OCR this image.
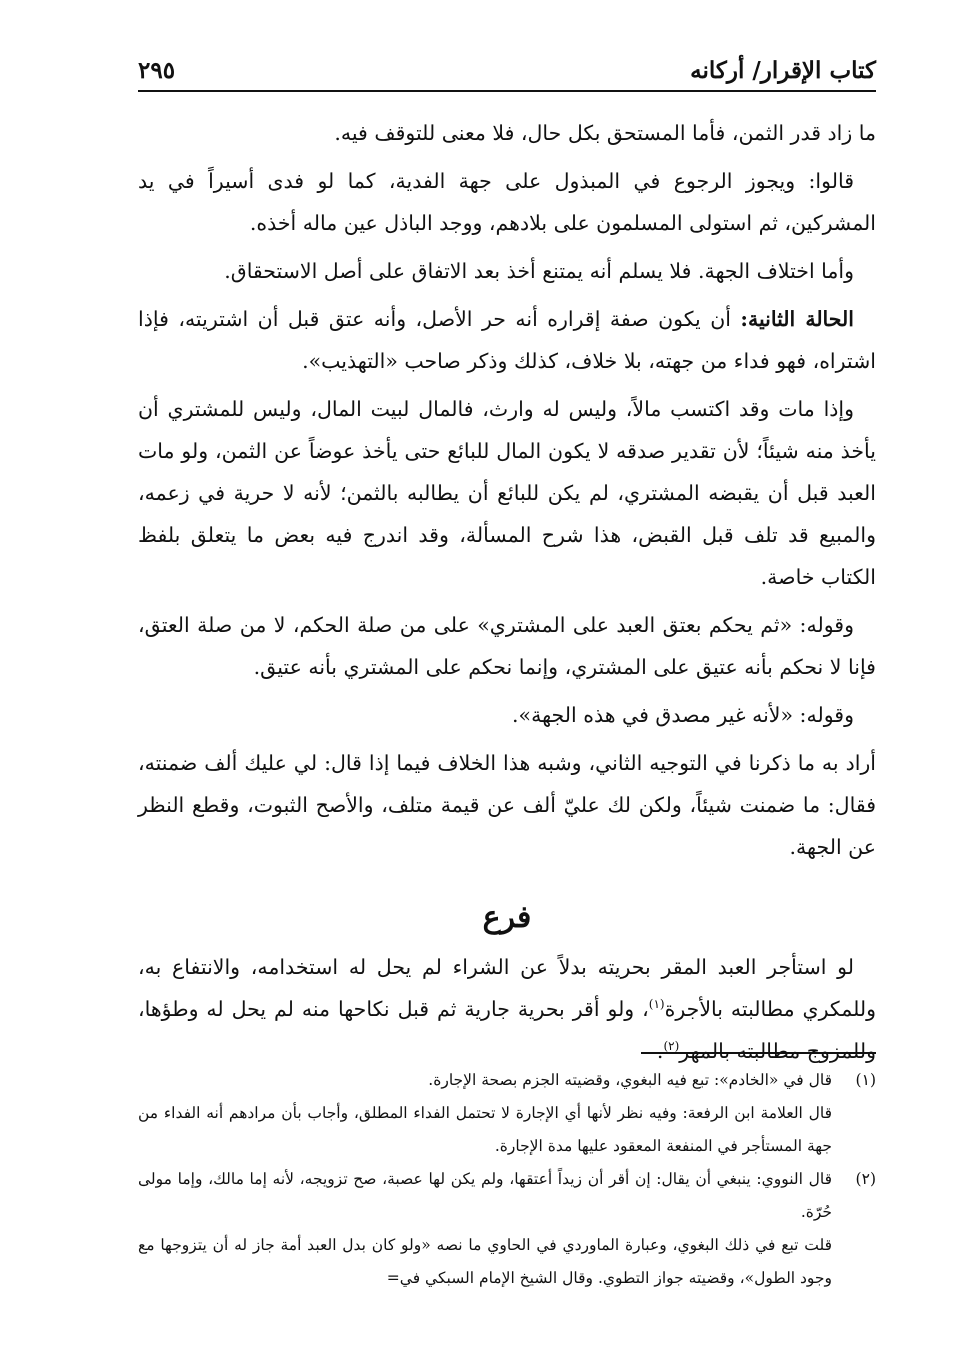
كتاب الإقرار/ أركانه
٢٩٥

ما زاد قدر الثمن، فأما المستحق بكل حال، فلا معنى للتوقف فيه.

قالوا: ويجوز الرجوع في المبذول على جهة الفدية، كما لو فدى أسيراً في يد المشركين، ثم استولى المسلمون على بلادهم، ووجد الباذل عين ماله أخذه.

وأما اختلاف الجهة. فلا يسلم أنه يمتنع أخذ بعد الاتفاق على أصل الاستحقاق.

الحالة الثانية: أن يكون صفة إقراره أنه حر الأصل، وأنه عتق قبل أن اشتريته، فإذا اشتراه، فهو فداء من جهته، بلا خلاف، كذلك وذكر صاحب «التهذيب».

وإذا مات وقد اكتسب مالاً، وليس له وارث، فالمال لبيت المال، وليس للمشتري أن يأخذ منه شيئاً؛ لأن تقدير صدقه لا يكون المال للبائع حتى يأخذ عوضاً عن الثمن، ولو مات العبد قبل أن يقبضه المشتري، لم يكن للبائع أن يطالبه بالثمن؛ لأنه لا حرية في زعمه، والمبيع قد تلف قبل القبض، هذا شرح المسألة، وقد اندرج فيه بعض ما يتعلق بلفظ الكتاب خاصة.

وقوله: «ثم يحكم بعتق العبد على المشتري» على من صلة الحكم، لا من صلة العتق، فإنا لا نحكم بأنه عتيق على المشتري، وإنما نحكم على المشتري بأنه عتيق.

وقوله: «لأنه غير مصدق في هذه الجهة».

أراد به ما ذكرنا في التوجيه الثاني، وشبه هذا الخلاف فيما إذا قال: لي عليك ألف ضمنته، فقال: ما ضمنت شيئاً، ولكن لك عليّ ألف عن قيمة متلف، والأصح الثبوت، وقطع النظر عن الجهة.

فرع

لو استأجر العبد المقر بحريته بدلاً عن الشراء لم يحل له استخدامه، والانتفاع به، وللمكري مطالبته بالأجرة$^{(١)}$، ولو أقر بحرية جارية ثم قبل نكاحها منه لم يحل له وطؤها، وللمزوج مطالبته بالمهر$^{(٢)}$.

(١)

قال في «الخادم»: تبع فيه البغوي، وقضيته الجزم بصحة الإجارة.

قال العلامة ابن الرفعة: وفيه نظر لأنها أي الإجارة لا تحتمل الفداء المطلق، وأجاب بأن مرادهم أنه الفداء من جهة المستأجر في المنفعة المعقود عليها مدة الإجارة.

(٢)

قال النووي: ينبغي أن يقال: إن أقر أن زيداً أعتقها، ولم يكن لها عصبة، صح تزويجه، لأنه إما مالك، وإما مولى حُرّة.

قلت تبع في ذلك البغوي، وعبارة الماوردي في الحاوي ما نصه «ولو كان بدل العبد أمة جاز له أن يتزوجها مع وجود الطول»، وقضيته جواز التطوي. وقال الشيخ الإمام السبكي في=
